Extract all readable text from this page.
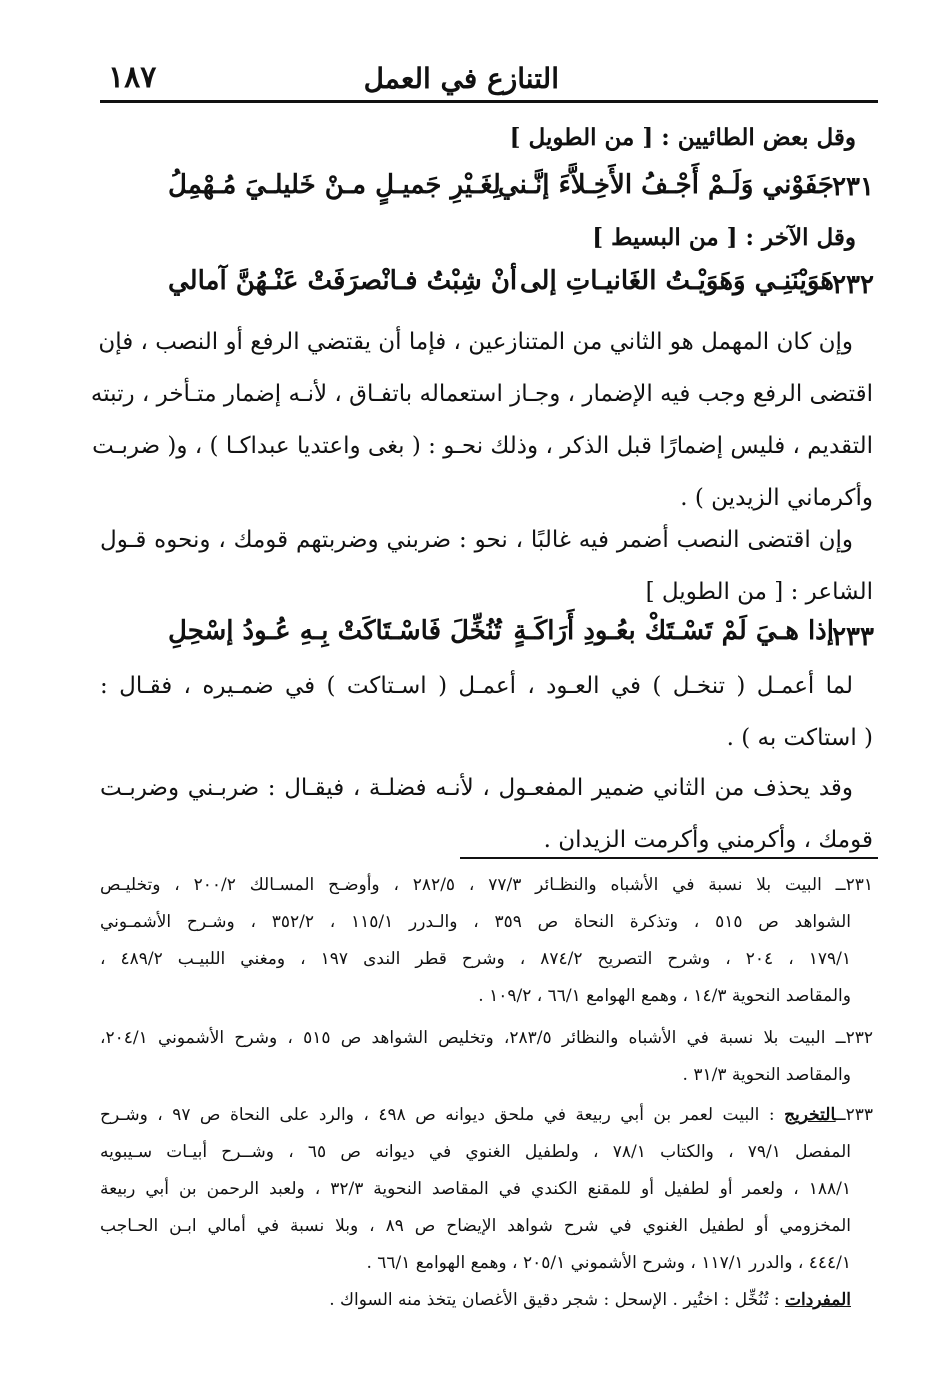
١٨٧	التنازع في العمل
وقل بعض الطائيين : [ من الطويل ]
٢٣١
جَفَوْني وَلَـمْ أَجْـفُ الأَخِـلاَّءَ إنَّـني
لِغَـيْرِ جَميـلٍ مـنْ خَليلـيَ مُـهْمِلُ
وقل الآخر : [ من البسيط ]
٢٣٢
هَوَيْنَنِـي وَهَوَيْـتُ الغَانيـاتِ إلى
أنْ شِبْتُ فـانْصرَفَتْ عَنْـهُنَّ آمالي
وإن كان المهمل هو الثاني من المتنازعين ، فإما أن يقتضي الرفع أو النصب ، فإن
اقتضى الرفع وجب فيه الإضمار ، وجـاز استعماله باتفـاق ، لأنـه إضمار متـأخر ، رتبته
التقديم ، فليس إضمارًا قبل الذكر ، وذلك نحـو : ( بغى واعتديا عبداكـا ) ، و( ضربـت
وأكرماني الزيدين ) .
وإن اقتضى النصب أضمر فيه غالبًا ، نحو : ضربني وضربتهم قومك ، ونحوه قـول
الشاعر : [ من الطويل ]
٢٣٣
إذا هـيَ لَمْ تَسْـتَكْ بعُـودِ أَرَاكَـةٍ
تُنُخِّلَ فَاسْـتَاكَتْ بِـهِ عُـودُ إسْحِلِ
لما أعمـل ( تنخـل ) في العـود ، أعمـل ( اسـتاكت ) في ضمـيره ، فقـال :
( استاكت به ) .
وقد يحذف من الثاني ضمير المفعـول ، لأنـه فضلـة ، فيقـال : ضربـني وضربـت
قومك ، وأكرمني وأكرمت الزيدان .
٢٣١ــ البيت بلا نسبة في الأشباه والنظـائر ٧٧/٣ ، ٢٨٢/٥ ، وأوضـح المسـالك ٢٠٠/٢ ، وتخليـص
الشواهد ص ٥١٥ ، وتذكرة النحاة ص ٣٥٩ ، والـدرر ١١٥/١ ، ٣٥٢/٢ ، وشـرح الأشمـوني
١٧٩/١ ، ٢٠٤ ، وشرح التصريح ٨٧٤/٢ ، وشرح قطر الندى ١٩٧ ، ومغني اللبيـب ٤٨٩/٢ ،
والمقاصد النحوية ١٤/٣ ، وهمع الهوامع ٦٦/١ ، ١٠٩/٢ .
٢٣٢ــ البيت بلا نسبة في الأشباه والنظائر ٢٨٣/٥، وتخليص الشواهد ص ٥١٥ ، وشرح الأشموني ٢٠٤/١،
والمقاصد النحوية ٣١/٣ .
٢٣٣ــالتخريج : البيت لعمر بن أبي ربيعة في ملحق ديوانه ص ٤٩٨ ، والرد على النحاة ص ٩٧ ، وشـرح
المفصل ٧٩/١ ، والكتاب ٧٨/١ ، ولطفيل الغنوي في ديوانه ص ٦٥ ، وشــرح أبيـات سـيبويه
١٨٨/١ ، ولعمر أو لطفيل أو للمقنع الكندي في المقاصد النحوية ٣٢/٣ ، ولعبد الرحمن بن أبي ربيعة
المخزومي أو لطفيل الغنوي في شرح شواهد الإيضاح ص ٨٩ ، وبلا نسبة في أمالي ابـن الحـاجب
٤٤٤/١ ، والدرر ١١٧/١ ، وشرح الأشموني ٢٠٥/١ ، وهمع الهوامع ٦٦/١ .
المفردات : تُنُخِّل : اختُير . الإسحل : شجر دقيق الأغصان يتخذ منه السواك .
